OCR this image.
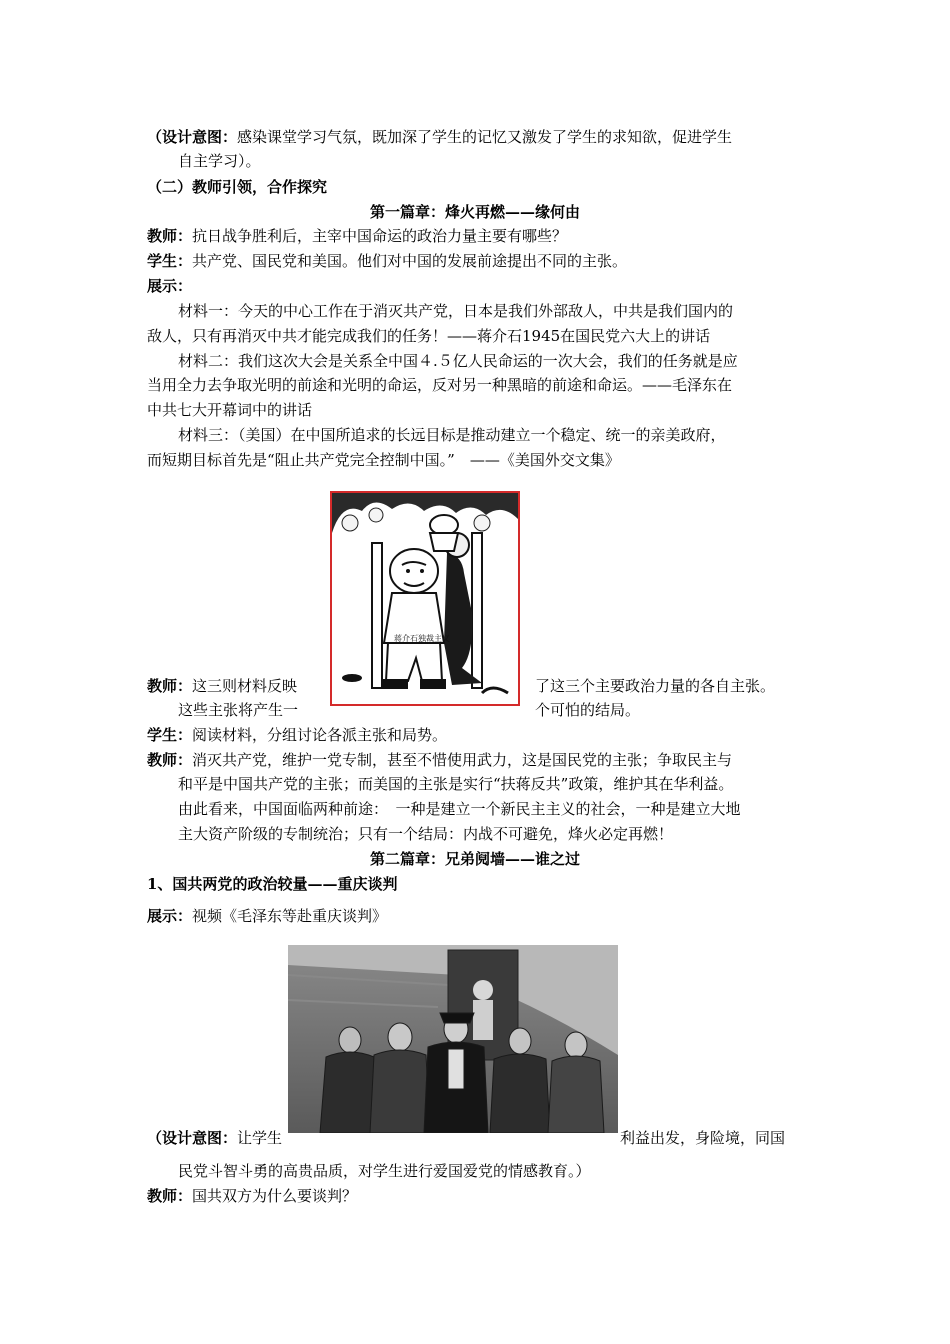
（设计意图：感染课堂学习气氛，既加深了学生的记忆又激发了学生的求知欲，促进学生
自主学习）。
（二）教师引领，合作探究
第一篇章：烽火再燃——缘何由
教师：抗日战争胜利后，主宰中国命运的政治力量主要有哪些？
学生：共产党、国民党和美国。他们对中国的发展前途提出不同的主张。
展示：
材料一：今天的中心工作在于消灭共产党，日本是我们外部敌人，中共是我们国内的
敌人，只有再消灭中共才能完成我们的任务！——蒋介石1945在国民党六大上的讲话
材料二：我们这次大会是关系全中国４.５亿人民命运的一次大会，我们的任务就是应
当用全力去争取光明的前途和光明的命运，反对另一种黑暗的前途和命运。——毛泽东在
中共七大开幕词中的讲话
材料三：（美国）在中国所追求的长远目标是推动建立一个稳定、统一的亲美政府，
而短期目标首先是“阻止共产党完全控制中国。”　——《美国外交文集》
蒋介石独裁主义
教师：这三则材料反映	了这三个主要政治力量的各自主张。
这些主张将产生一	个可怕的结局。
学生：阅读材料，分组讨论各派主张和局势。
教师：消灭共产党，维护一党专制，甚至不惜使用武力，这是国民党的主张；争取民主与
和平是中国共产党的主张；而美国的主张是实行“扶蒋反共”政策，维护其在华利益。
由此看来，中国面临两种前途：　一种是建立一个新民主主义的社会，一种是建立大地
主大资产阶级的专制统治；只有一个结局：内战不可避免，烽火必定再燃！
第二篇章：兄弟阋墙——谁之过
1、国共两党的政治较量——重庆谈判
展示：视频《毛泽东等赴重庆谈判》
（设计意图：让学生	利益出发，身险境，同国
民党斗智斗勇的高贵品质，对学生进行爱国爱党的情感教育。）
教师：国共双方为什么要谈判？
